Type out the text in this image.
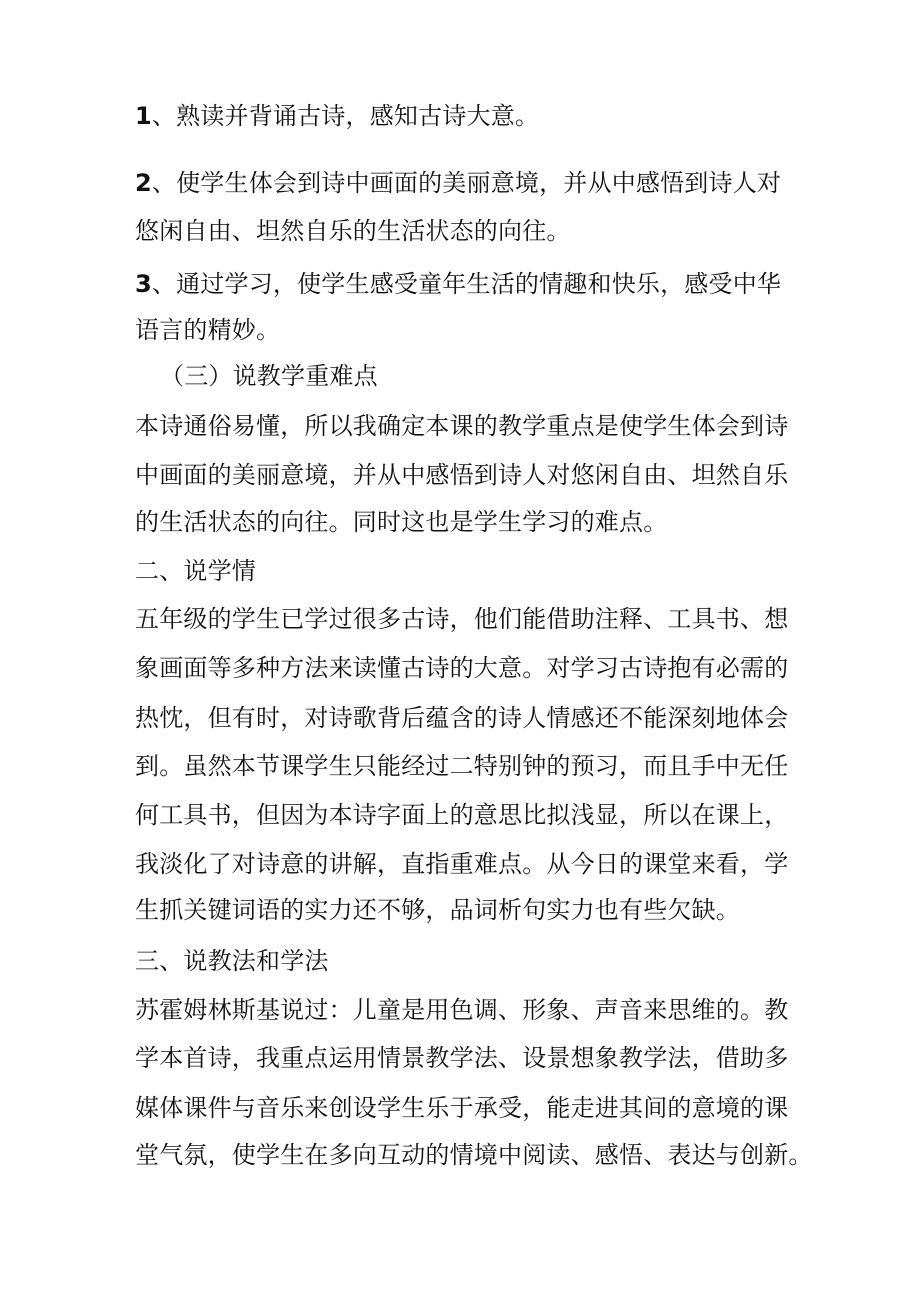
1、熟读并背诵古诗，感知古诗大意。
2、使学生体会到诗中画面的美丽意境，并从中感悟到诗人对
悠闲自由、坦然自乐的生活状态的向往。
3、通过学习，使学生感受童年生活的情趣和快乐，感受中华
语言的精妙。
（三）说教学重难点
本诗通俗易懂，所以我确定本课的教学重点是使学生体会到诗
中画面的美丽意境，并从中感悟到诗人对悠闲自由、坦然自乐
的生活状态的向往。同时这也是学生学习的难点。
二、说学情
五年级的学生已学过很多古诗，他们能借助注释、工具书、想
象画面等多种方法来读懂古诗的大意。对学习古诗抱有必需的
热忱，但有时，对诗歌背后蕴含的诗人情感还不能深刻地体会
到。虽然本节课学生只能经过二特别钟的预习，而且手中无任
何工具书，但因为本诗字面上的意思比拟浅显，所以在课上，
我淡化了对诗意的讲解，直指重难点。从今日的课堂来看，学
生抓关键词语的实力还不够，品词析句实力也有些欠缺。
三、说教法和学法
苏霍姆林斯基说过：儿童是用色调、形象、声音来思维的。教
学本首诗，我重点运用情景教学法、设景想象教学法，借助多
媒体课件与音乐来创设学生乐于承受，能走进其间的意境的课
堂气氛，使学生在多向互动的情境中阅读、感悟、表达与创新。
